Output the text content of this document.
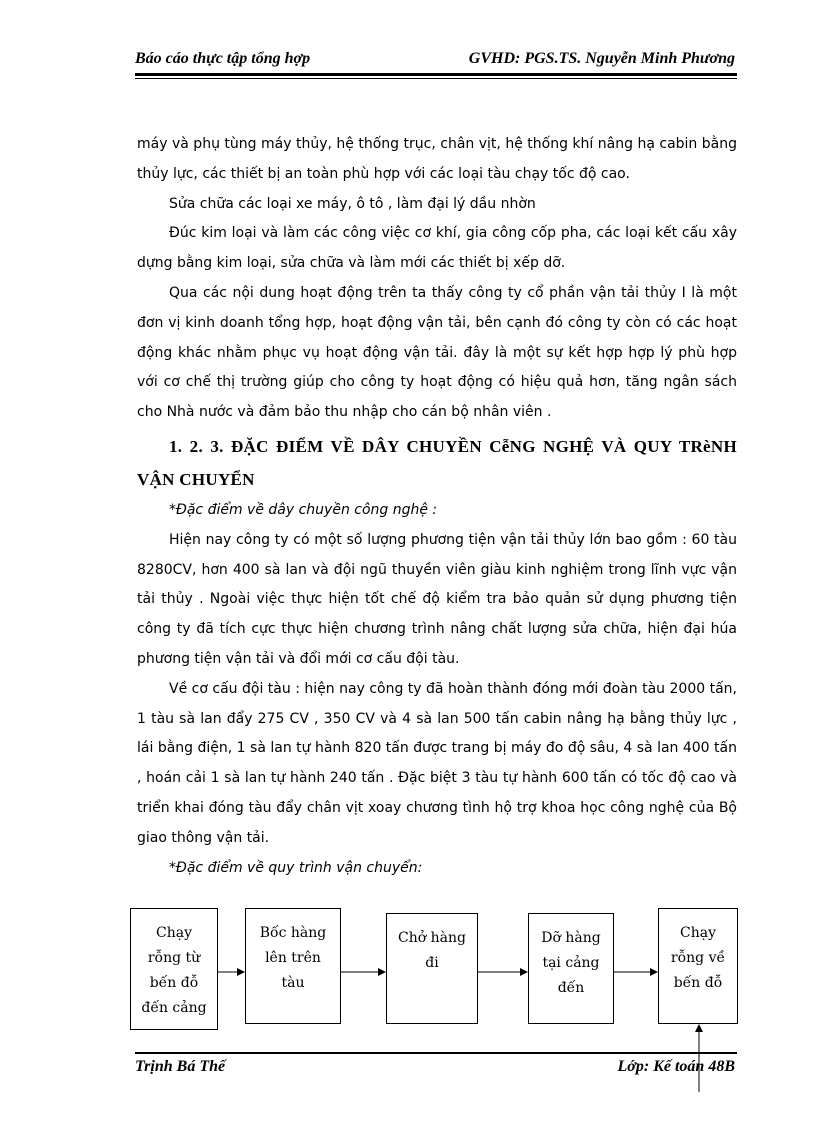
Báo cáo thực tập tổng hợp	GVHD: PGS.TS. Nguyễn Minh Phương

máy và phụ tùng máy thủy, hệ thống trục, chân vịt, hệ thống khí nâng hạ cabin bằng thủy lực, các thiết bị an toàn phù hợp với các loại tàu chạy tốc độ cao.

Sửa chữa các loại xe máy, ô tô , làm đại lý dầu nhờn

Đúc kim loại và làm các công việc cơ khí, gia công cốp pha, các loại kết cấu xây dựng bằng kim loại, sửa chữa và làm mới các thiết bị xếp dỡ.

Qua các nội dung hoạt động trên ta thấy công ty cổ phần vận tải thủy I là một đơn vị kinh doanh tổng hợp, hoạt động vận tải, bên cạnh đó công ty còn có các hoạt động khác nhằm phục vụ hoạt động vận tải. đây là một sự kết hợp hợp lý phù hợp với cơ chế thị trường giúp cho công ty hoạt động có hiệu quả hơn, tăng ngân sách cho Nhà nước và đảm bảo thu nhập cho cán bộ nhân viên .

1. 2. 3. ĐẶC ĐIỂM VỀ DÂY CHUYỀN CễNG NGHỆ VÀ QUY TRèNH VẬN CHUYỂN

*Đặc điểm về dây chuyền công nghệ :

Hiện nay công ty có một số lượng phương tiện vận tải thủy lớn bao gồm : 60 tàu 8280CV, hơn 400 sà lan và đội ngũ thuyền viên giàu kinh nghiệm trong lĩnh vực vận tải thủy . Ngoài việc thực hiện tốt chế độ kiểm tra bảo quản sử dụng phương tiện công ty đã tích cực thực hiện chương trình nâng chất lượng sửa chữa, hiện đại húa phương tiện vận tải và đổi mới cơ cấu đội tàu.

Về cơ cấu đội tàu : hiện nay công ty đã hoàn thành đóng mới đoàn tàu 2000 tấn, 1 tàu sà lan đẩy 275 CV , 350 CV và 4 sà lan 500 tấn cabin nâng hạ bằng thủy lực , lái bằng điện, 1 sà lan tự hành 820 tấn được trang bị máy đo độ sâu, 4 sà lan 400 tấn , hoán cải 1 sà lan tự hành 240 tấn . Đặc biệt 3 tàu tự hành 600 tấn có tốc độ cao và triển khai đóng tàu đẩy chân vịt xoay chương tình hộ trợ khoa học công nghệ của Bộ giao thông vận tải.

*Đặc điểm về quy trình vận chuyển:

Chạy
rỗng từ
bến đỗ
đến cảng
Bốc hàng
lên trên
tàu
Chở hàng
đi
Dỡ hàng
tại cảng
đến
Chạy
rỗng về
bến đỗ
Trịnh Bá Thế	Lớp: Kế toán 48B
